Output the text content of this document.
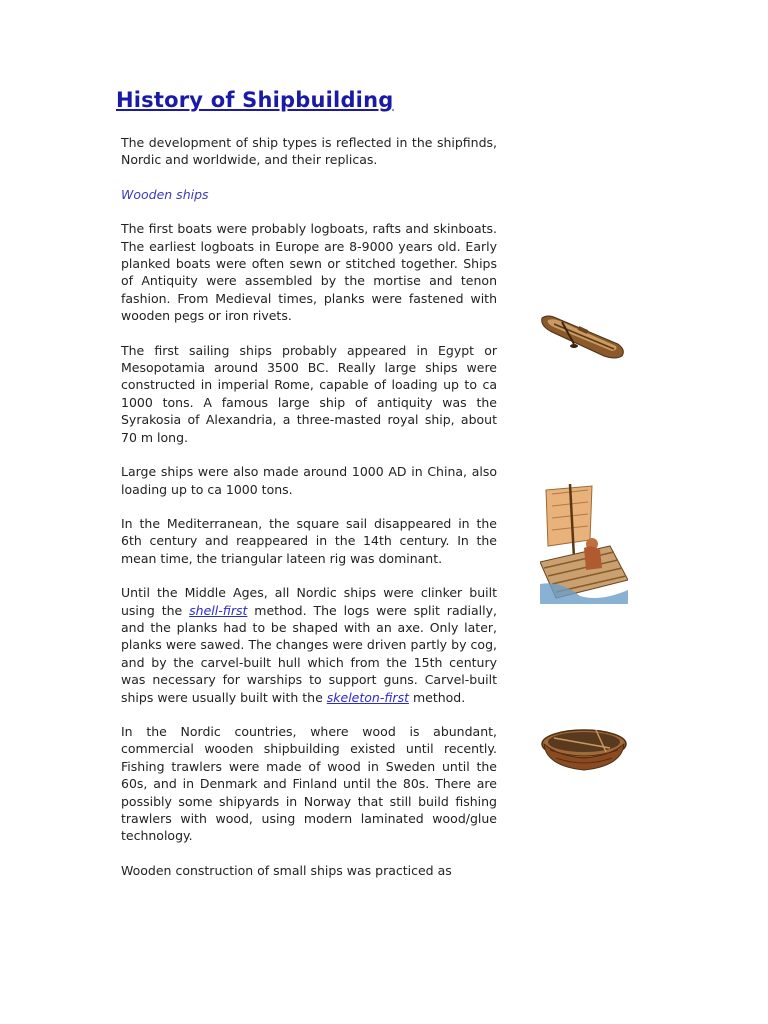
History of Shipbuilding

The development of ship types is reflected in the shipfinds, Nordic and worldwide, and their replicas.

Wooden ships

The first boats were probably logboats, rafts and skinboats. The earliest logboats in Europe are 8-9000 years old. Early planked boats were often sewn or stitched together. Ships of Antiquity were assembled by the mortise and tenon fashion. From Medieval times, planks were fastened with wooden pegs or iron rivets.

The first sailing ships probably appeared in Egypt or Mesopotamia around 3500 BC. Really large ships were constructed in imperial Rome, capable of loading up to ca 1000 tons. A famous large ship of antiquity was the Syrakosia of Alexandria, a three-masted royal ship, about 70 m long.

Large ships were also made around 1000 AD in China, also loading up to ca 1000 tons.

In the Mediterranean, the square sail disappeared in the 6th century and reappeared in the 14th century. In the mean time, the triangular lateen rig was dominant.

Until the Middle Ages, all Nordic ships were clinker built using the shell-first method. The logs were split radially, and the planks had to be shaped with an axe. Only later, planks were sawed. The changes were driven partly by cog, and by the carvel-built hull which from the 15th century was necessary for warships to support guns. Carvel-built ships were usually built with the skeleton-first method.

In the Nordic countries, where wood is abundant, commercial wooden shipbuilding existed until recently. Fishing trawlers were made of wood in Sweden until the 60s, and in Denmark and Finland until the 80s. There are possibly some shipyards in Norway that still build fishing trawlers with wood, using modern laminated wood/glue technology.

Wooden construction of small ships was practiced as
